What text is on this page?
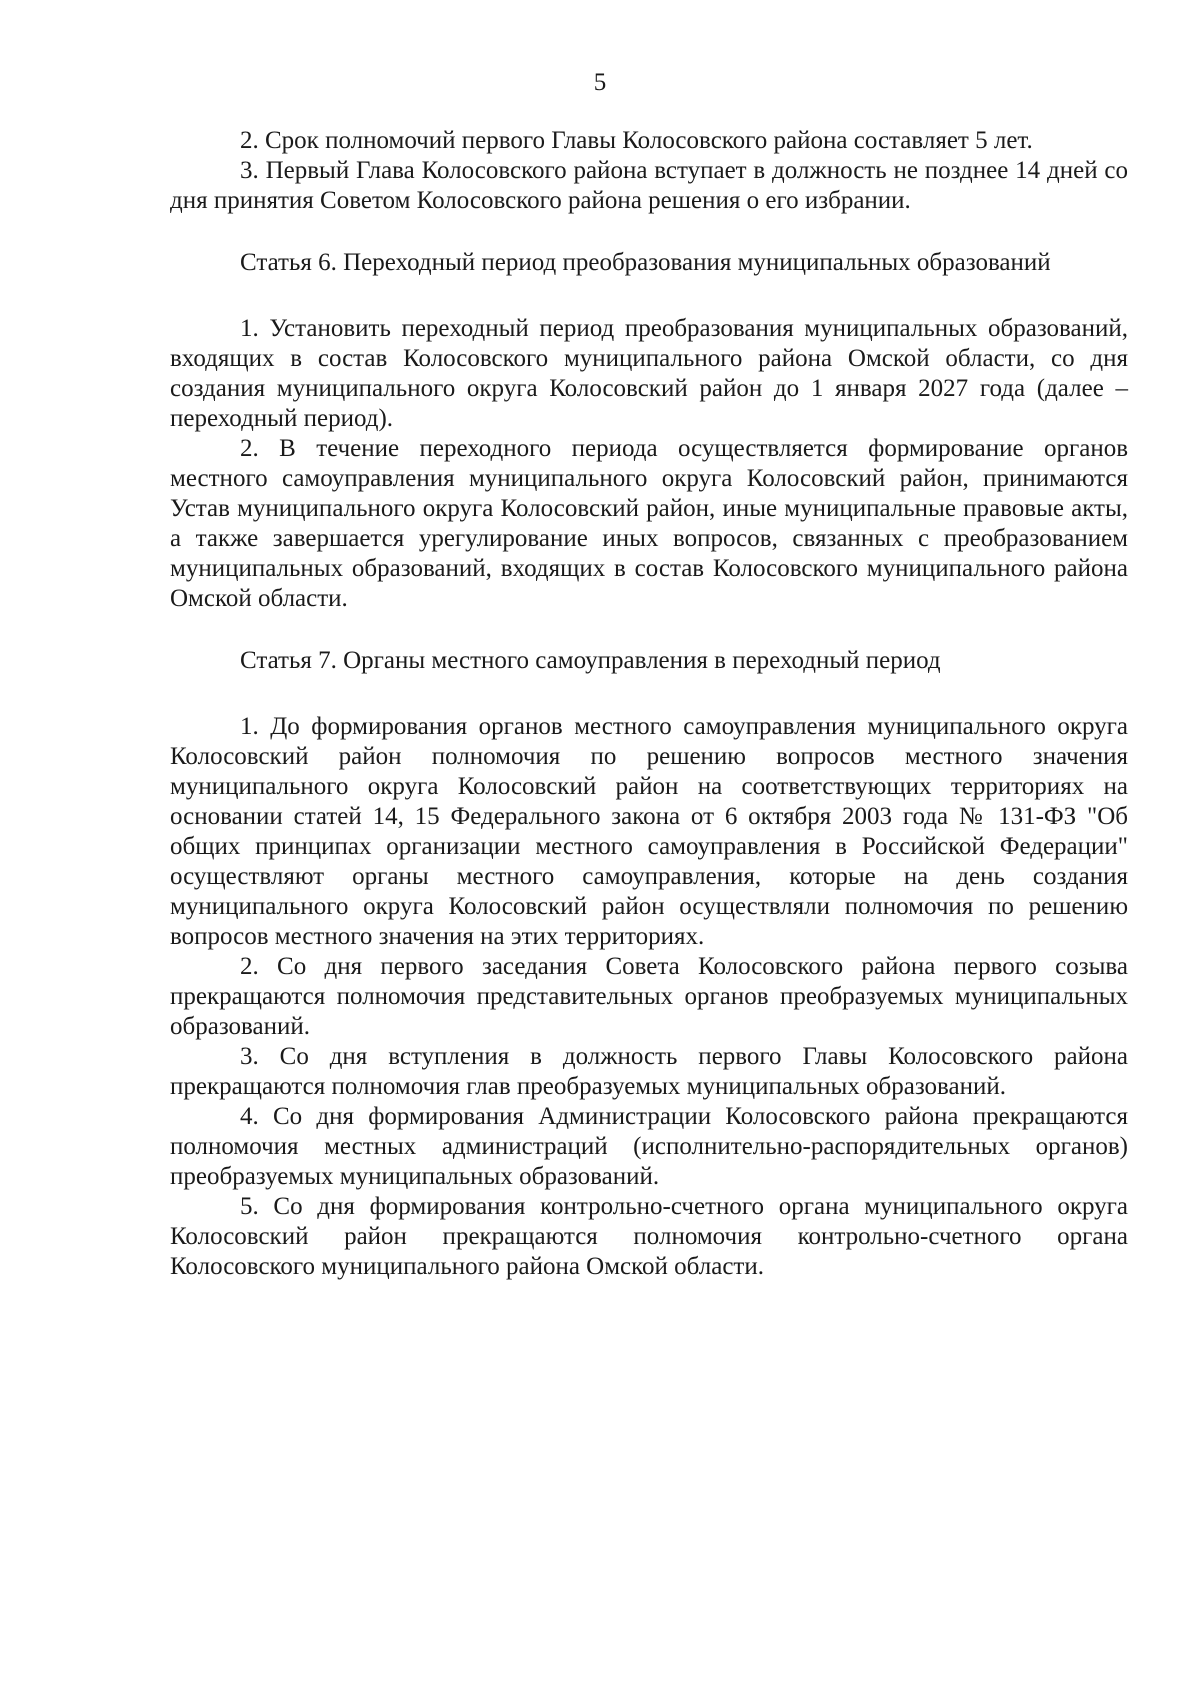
5

2. Срок полномочий первого Главы Колосовского района составляет 5 лет.

3. Первый Глава Колосовского района вступает в должность не позднее 14 дней со дня принятия Советом Колосовского района решения о его избрании.

Статья 6. Переходный период преобразования муниципальных образований

1. Установить переходный период преобразования муниципальных образований, входящих в состав Колосовского муниципального района Омской области, со дня создания муниципального округа Колосовский район до 1 января 2027 года (далее – переходный период).

2. В течение переходного периода осуществляется формирование органов местного самоуправления муниципального округа Колосовский район, принимаются Устав муниципального округа Колосовский район, иные муниципальные правовые акты, а также завершается урегулирование иных вопросов, связанных с преобразованием муниципальных образований, входящих в состав Колосовского муниципального района Омской области.

Статья 7. Органы местного самоуправления в переходный период

1. До формирования органов местного самоуправления муниципального округа Колосовский район полномочия по решению вопросов местного значения муниципального округа Колосовский район на соответствующих территориях на основании статей 14, 15 Федерального закона от 6 октября 2003 года № 131-ФЗ "Об общих принципах организации местного самоуправления в Российской Федерации" осуществляют органы местного самоуправления, которые на день создания муниципального округа Колосовский район осуществляли полномочия по решению вопросов местного значения на этих территориях.

2. Со дня первого заседания Совета Колосовского района первого созыва прекращаются полномочия представительных органов преобразуемых муниципальных образований.

3. Со дня вступления в должность первого Главы Колосовского района прекращаются полномочия глав преобразуемых муниципальных образований.

4. Со дня формирования Администрации Колосовского района прекращаются полномочия местных администраций (исполнительно-распорядительных органов) преобразуемых муниципальных образований.

5. Со дня формирования контрольно-счетного органа муниципального округа Колосовский район прекращаются полномочия контрольно-счетного органа Колосовского муниципального района Омской области.
